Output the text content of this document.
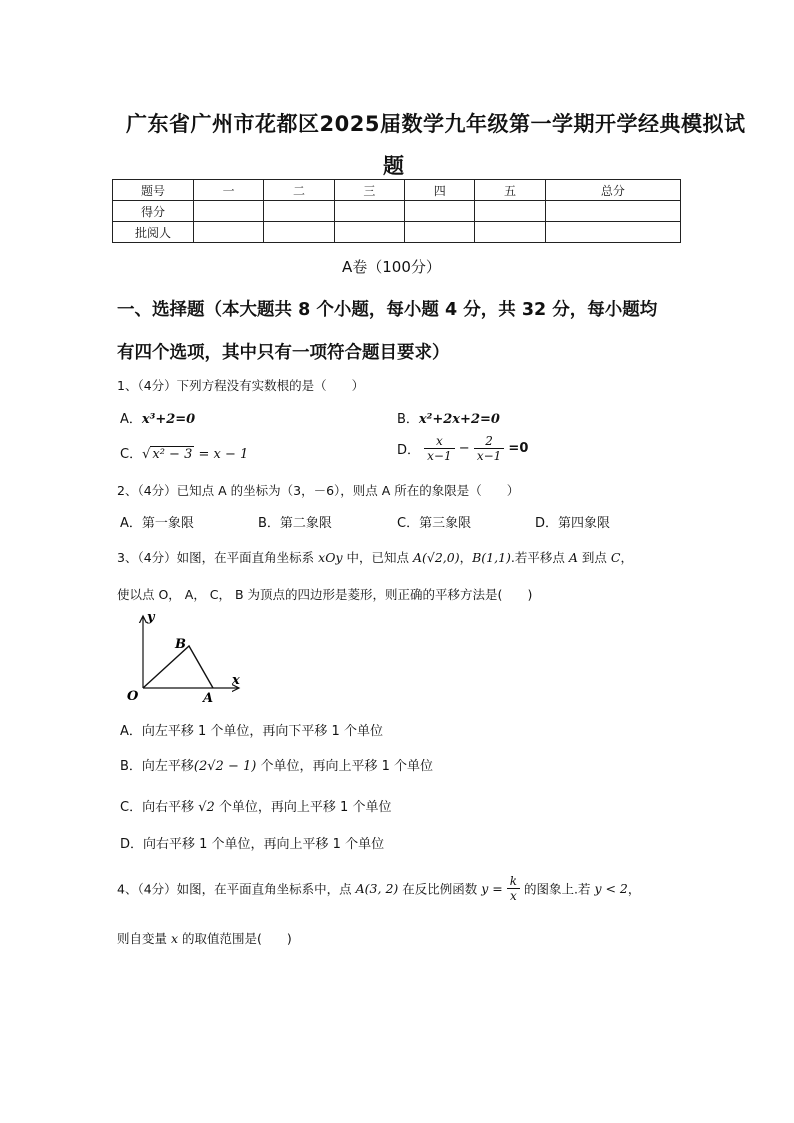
广东省广州市花都区2025届数学九年级第一学期开学经典模拟试
题
题号	一	二	三	四	五	总分
得分						
批阅人						
A卷（100分）
一、选择题（本大题共 8 个小题，每小题 4 分，共 32 分，每小题均
有四个选项，其中只有一项符合题目要求）
1、（4分）下列方程没有实数根的是（　　）
A．x³+2=0	B．x²+2x+2=0
C．√ x² − 3 = x − 1	D． $\frac{x}{x-1} - \frac{2}{x-1} =0$
2、（4分）已知点 A 的坐标为（3，－6），则点 A 所在的象限是（　　）
A．第一象限	B．第二象限	C．第三象限	D．第四象限
3、（4分）如图，在平面直角坐标系 xOy 中，已知点 A(√2,0)，B(1,1).若平移点 A 到点 C，
使以点 O， A， C， B 为顶点的四边形是菱形，则正确的平移方法是(　　)
y
x
O	A
B
A．向左平移 1 个单位，再向下平移 1 个单位
B．向左平移(2√2 − 1) 个单位，再向上平移 1 个单位
C．向右平移 √2 个单位，再向上平移 1 个单位
D．向右平移 1 个单位，再向上平移 1 个单位
4、（4分）如图，在平面直角坐标系中，点 A(3, 2) 在反比例函数 $y = \frac{k}{x}$ 的图象上.若 y < 2，
则自变量 x 的取值范围是(　　)
